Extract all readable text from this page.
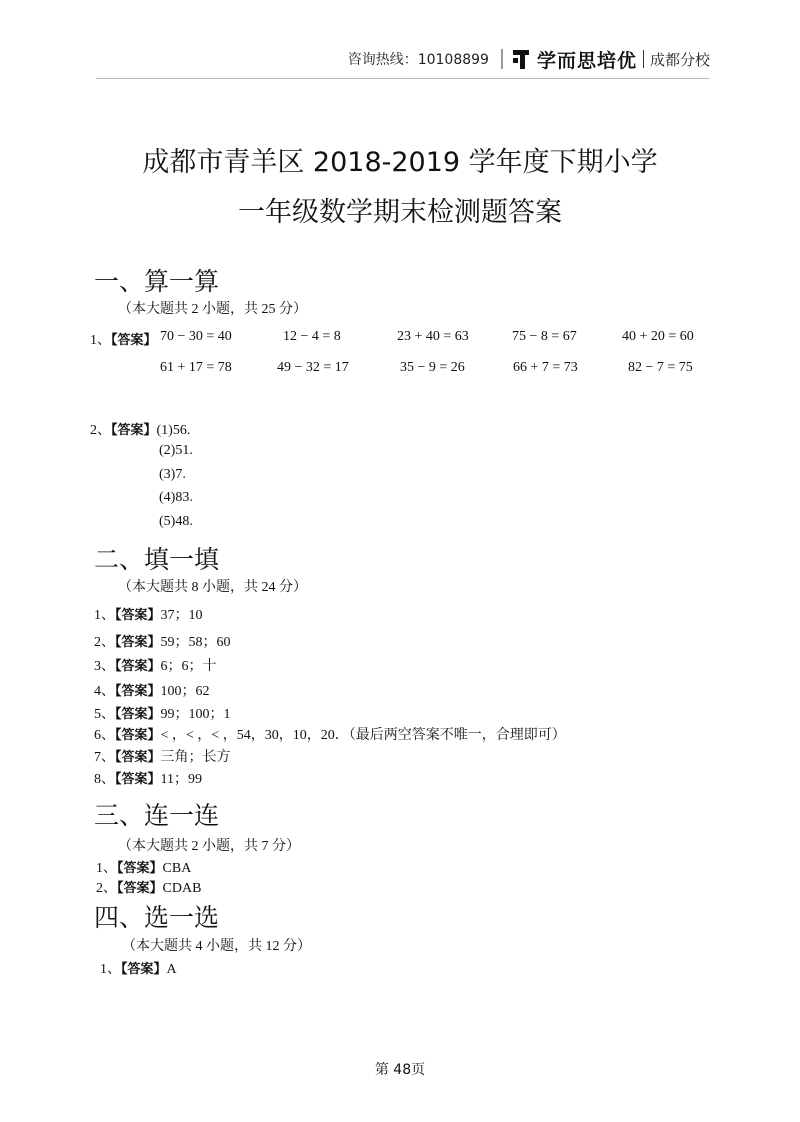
咨询热线：10108899	学而思培优 成都分校
成都市青羊区 2018-2019 学年度下期小学
一年级数学期末检测题答案
一、算一算
（本大题共 2 小题，共 25 分）
1、【答案】 70 − 30 = 40	12 − 4 = 8	23 + 40 = 63	75 − 8 = 67	40 + 20 = 60
61 + 17 = 78	49 − 32 = 17	35 − 9 = 26	66 + 7 = 73	82 − 7 = 75
2、【答案】(1)56.
(2)51.
(3)7.
(4)83.
(5)48.
二、填一填
（本大题共 8 小题，共 24 分）
1、【答案】37；10
2、【答案】59；58；60
3、【答案】6；6；十
4、【答案】100；62
5、【答案】99；100；1
6、【答案】< ，< ，< ，54，30，10，20．（最后两空答案不唯一，合理即可）
7、【答案】三角；长方
8、【答案】11；99
三、连一连
（本大题共 2 小题，共 7 分）
1、【答案】CBA
2、【答案】CDAB
四、选一选
（本大题共 4 小题，共 12 分）
1、【答案】A
第 48页
